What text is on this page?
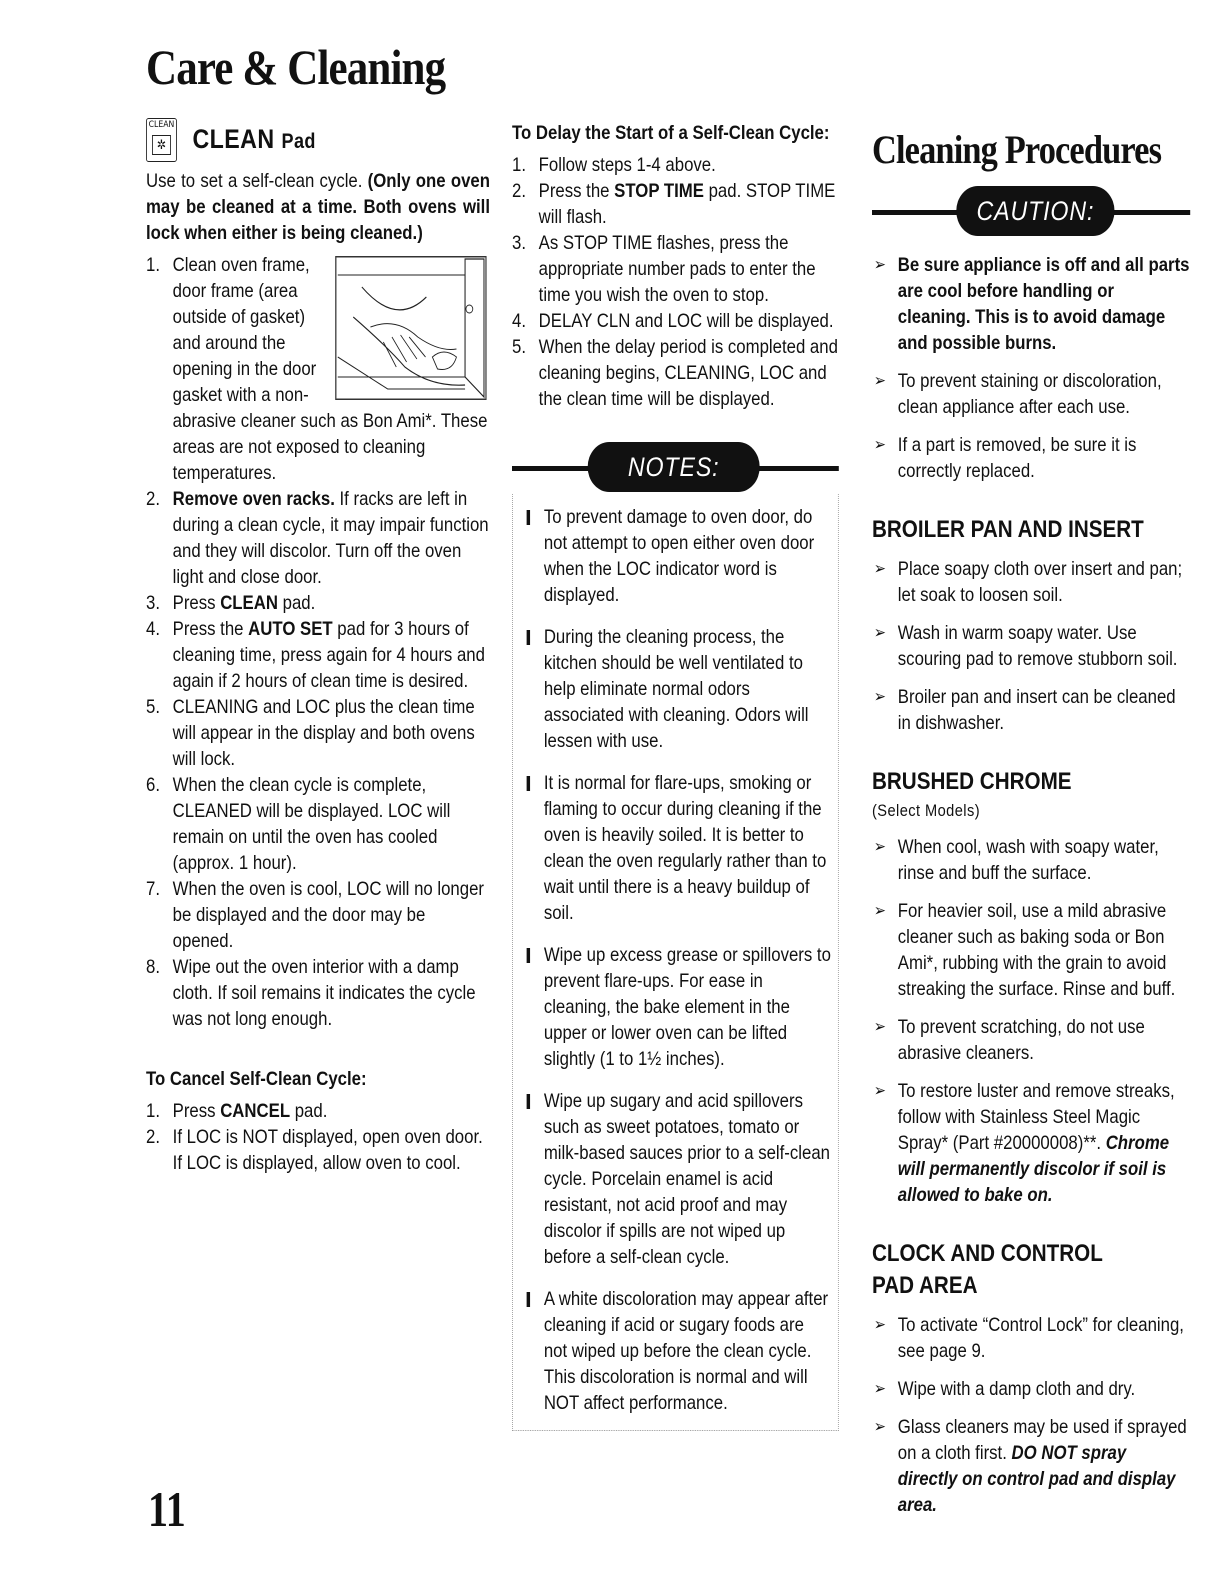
Care & Cleaning
CLEAN
✲ CLEAN Pad

Use to set a self-clean cycle. (Only one oven may be cleaned at a time. Both ovens will lock when either is being cleaned.)

1. Clean oven frame, door frame (area outside of gasket) and around the opening in the door gasket with a non-abrasive cleaner such as Bon Ami*. These areas are not exposed to cleaning temperatures.
2. Remove oven racks. If racks are left in during a clean cycle, it may impair function and they will discolor. Turn off the oven light and close door.
3. Press CLEAN pad.
4. Press the AUTO SET pad for 3 hours of cleaning time, press again for 4 hours and again if 2 hours of clean time is desired.
5. CLEANING and LOC plus the clean time will appear in the display and both ovens will lock.
6. When the clean cycle is complete, CLEANED will be displayed. LOC will remain on until the oven has cooled (approx. 1 hour).
7. When the oven is cool, LOC will no longer be displayed and the door may be opened.
8. Wipe out the oven interior with a damp cloth. If soil remains it indicates the cycle was not long enough.

To Cancel Self-Clean Cycle:

1. Press CANCEL pad.
2. If LOC is NOT displayed, open oven door. If LOC is displayed, allow oven to cool.

To Delay the Start of a Self-Clean Cycle:

1. Follow steps 1-4 above.
2. Press the STOP TIME pad. STOP TIME will flash.
3. As STOP TIME flashes, press the appropriate number pads to enter the time you wish the oven to stop.
4. DELAY CLN and LOC will be displayed.
5. When the delay period is completed and cleaning begins, CLEANING, LOC and the clean time will be displayed.
NOTES:
To prevent damage to oven door, do not attempt to open either oven door when the LOC indicator word is displayed.
During the cleaning process, the kitchen should be well ventilated to help eliminate normal odors associated with cleaning. Odors will lessen with use.
It is normal for flare-ups, smoking or flaming to occur during cleaning if the oven is heavily soiled. It is better to clean the oven regularly rather than to wait until there is a heavy buildup of soil.
Wipe up excess grease or spillovers to prevent flare-ups. For ease in cleaning, the bake element in the upper or lower oven can be lifted slightly (1 to 1½ inches).
Wipe up sugary and acid spillovers such as sweet potatoes, tomato or milk-based sauces prior to a self-clean cycle. Porcelain enamel is acid resistant, not acid proof and may discolor if spills are not wiped up before a self-clean cycle.
A white discoloration may appear after cleaning if acid or sugary foods are not wiped up before the clean cycle. This discoloration is normal and will NOT affect performance.
Cleaning Procedures
CAUTION:
➢ Be sure appliance is off and all parts are cool before handling or cleaning. This is to avoid damage and possible burns.
➢ To prevent staining or discoloration, clean appliance after each use.
➢ If a part is removed, be sure it is correctly replaced.
BROILER PAN AND INSERT
➢ Place soapy cloth over insert and pan; let soak to loosen soil.
➢ Wash in warm soapy water. Use scouring pad to remove stubborn soil.
➢ Broiler pan and insert can be cleaned in dishwasher.
BRUSHED CHROME
(Select Models)
➢ When cool, wash with soapy water, rinse and buff the surface.
➢ For heavier soil, use a mild abrasive cleaner such as baking soda or Bon Ami*, rubbing with the grain to avoid streaking the surface. Rinse and buff.
➢ To prevent scratching, do not use abrasive cleaners.
➢ To restore luster and remove streaks, follow with Stainless Steel Magic Spray* (Part #20000008)**. Chrome will permanently discolor if soil is allowed to bake on.
CLOCK AND CONTROL
PAD AREA
➢ To activate “Control Lock” for cleaning, see page 9.
➢ Wipe with a damp cloth and dry.
➢ Glass cleaners may be used if sprayed on a cloth first. DO NOT spray directly on control pad and display area.
11
